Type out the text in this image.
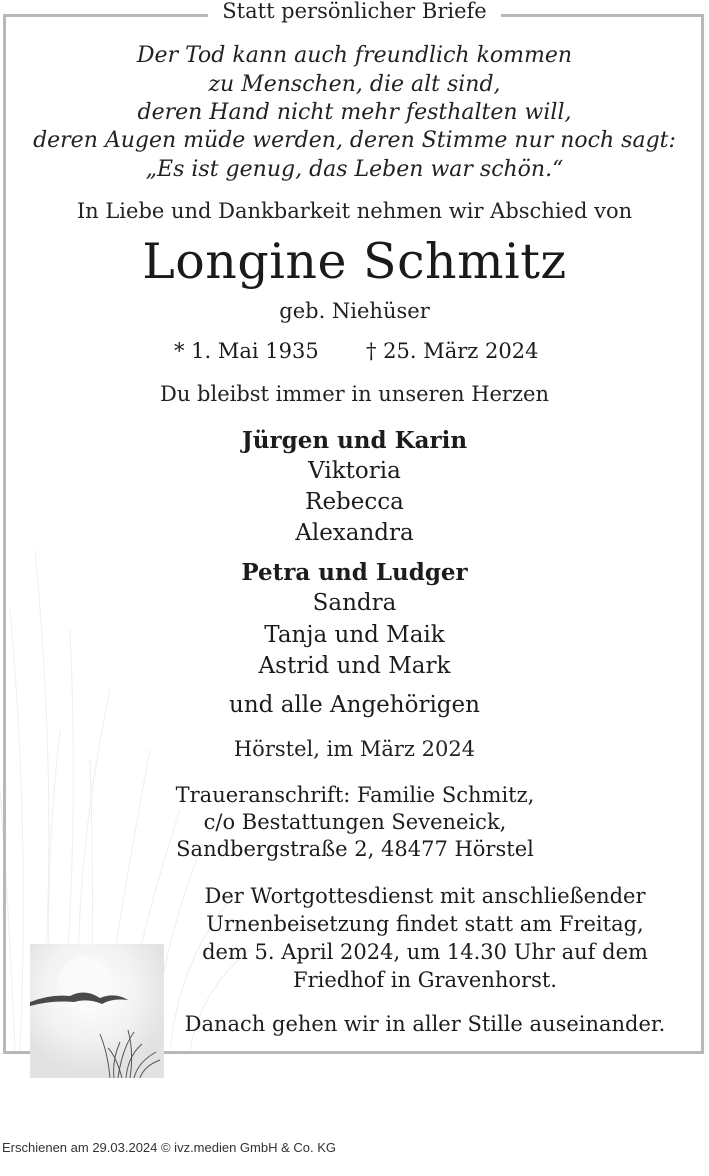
Statt persönlicher Briefe
Der Tod kann auch freundlich kommen
zu Menschen, die alt sind,
deren Hand nicht mehr festhalten will,
deren Augen müde werden, deren Stimme nur noch sagt:
„Es ist genug, das Leben war schön.“
In Liebe und Dankbarkeit nehmen wir Abschied von
Longine Schmitz
geb. Niehüser
* 1. Mai 1935 † 25. März 2024
Du bleibst immer in unseren Herzen
Jürgen und Karin
Viktoria
Rebecca
Alexandra
Petra und Ludger
Sandra
Tanja und Maik
Astrid und Mark
und alle Angehörigen
Hörstel, im März 2024
Traueranschrift: Familie Schmitz,
c/o Bestattungen Seveneick,
Sandbergstraße 2, 48477 Hörstel
Der Wortgottesdienst mit anschließender
Urnenbeisetzung findet statt am Freitag,
dem 5. April 2024, um 14.30 Uhr auf dem
Friedhof in Gravenhorst.
Danach gehen wir in aller Stille auseinander.
Erschienen am 29.03.2024 © ivz.medien GmbH & Co. KG
